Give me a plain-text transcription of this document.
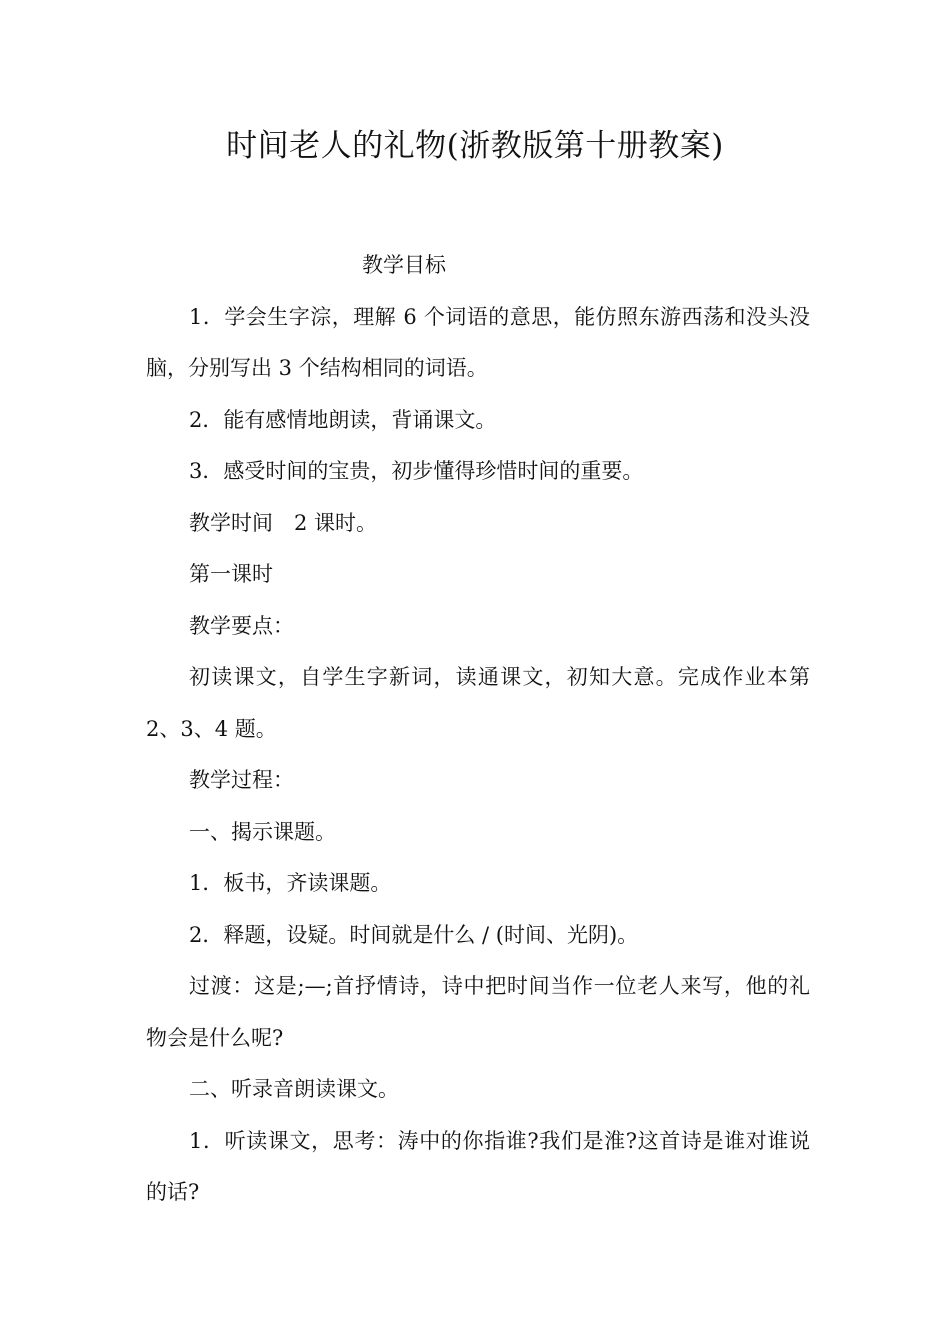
时间老人的礼物(浙教版第十册教案)

教学目标

1．学会生字淙，理解 6 个词语的意思，能仿照东游西荡和没头没脑，分别写出 3 个结构相同的词语。

2．能有感情地朗读，背诵课文。

3．感受时间的宝贵，初步懂得珍惜时间的重要。

教学时间　2 课时。

第一课时

教学要点：

初读课文，自学生字新词，读通课文，初知大意。完成作业本第 2、3、4 题。

教学过程：

一、揭示课题。

1．板书，齐读课题。

2．释题，设疑。时间就是什么 / (时间、光阴)。

过渡：这是;—;首抒情诗，诗中把时间当作一位老人来写，他的礼物会是什么呢?

二、听录音朗读课文。

1．听读课文，思考：涛中的你指谁?我们是淮?这首诗是谁对谁说的话?
